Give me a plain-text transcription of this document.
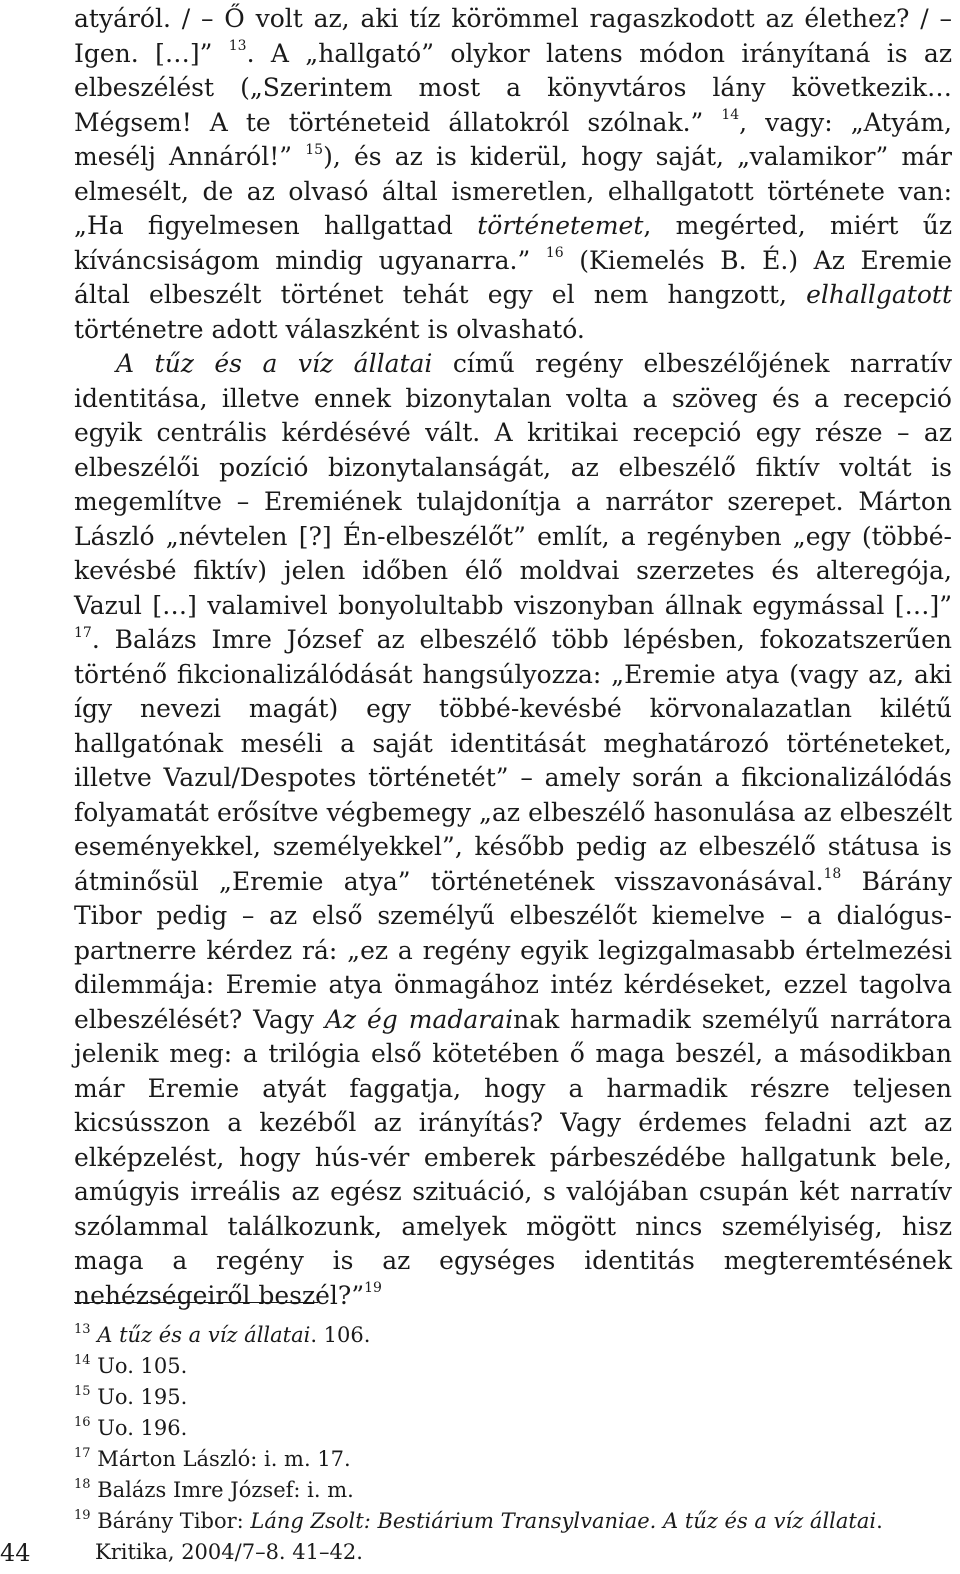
atyáról. / – Ő volt az, aki tíz körömmel ragaszkodott az élethez? / – Igen. […]” $^{13}$. A „hallgató” olykor latens módon irányítaná is az elbeszélést („Szerintem most a könyvtáros lány következik… Mégsem! A te történeteid állatokról szólnak.” $^{14}$, vagy: „Atyám, mesélj Annáról!” $^{15}$), és az is kiderül, hogy saját, „valamikor” már elmesélt, de az olvasó által ismeretlen, elhallgatott története van: „Ha figyelmesen hallgattad történetemet, megérted, miért űz kíváncsiságom mindig ugyanarra.” $^{16}$ (Kiemelés B. É.) Az Eremie által elbeszélt történet tehát egy el nem hangzott, elhallgatott történetre adott válaszként is olvasható.

A tűz és a víz állatai című regény elbeszélőjének narratív identitása, illetve ennek bizonytalan volta a szöveg és a recepció egyik centrális kérdésévé vált. A kritikai recepció egy része – az elbeszélői pozíció bizonytalanságát, az elbeszélő fiktív voltát is megemlítve – Eremiének tulajdonítja a narrátor szerepet. Márton László „névtelen [?] Én-elbeszélőt” említ, a regényben „egy (többé-kevésbé fiktív) jelen időben élő moldvai szerzetes és alteregója, Vazul […] valamivel bonyolultabb viszonyban állnak egymással […]” $^{17}$. Balázs Imre József az elbeszélő több lépésben, fokozatszerűen történő fikcionalizálódását hangsúlyozza: „Eremie atya (vagy az, aki így nevezi magát) egy többé-kevésbé körvonalazatlan kilétű hallgatónak meséli a saját identitását meghatározó történeteket, illetve Vazul/Despotes történetét” – amely során a fikcionalizálódás folyamatát erősítve végbemegy „az elbeszélő hasonulása az elbeszélt eseményekkel, személyekkel”, később pedig az elbeszélő státusa is átminősül „Eremie atya” történetének visszavonásával.$^{18}$ Bárány Tibor pedig – az első személyű elbeszélőt kiemelve – a dialógus-partnerre kérdez rá: „ez a regény egyik legizgalmasabb értelmezési dilemmája: Eremie atya önmagához intéz kérdéseket, ezzel tagolva elbeszélését? Vagy Az ég madarainak harmadik személyű narrátora jelenik meg: a trilógia első kötetében ő maga beszél, a másodikban már Eremie atyát faggatja, hogy a harmadik részre teljesen kicsússzon a kezéből az irányítás? Vagy érdemes feladni azt az elképzelést, hogy hús-vér emberek párbeszédébe hallgatunk bele, amúgyis irreális az egész szituáció, s valójában csupán két narratív szólammal találkozunk, amelyek mögött nincs személyiség, hisz maga a regény is az egységes identitás megteremtésének nehézségeiről beszél?”$^{19}$

$^{13}$ A tűz és a víz állatai. 106.
$^{14}$ Uo. 105.
$^{15}$ Uo. 195.
$^{16}$ Uo. 196.
$^{17}$ Márton László: i. m. 17.
$^{18}$ Balázs Imre József: i. m.
$^{19}$ Bárány Tibor: Láng Zsolt: Bestiárium Transylvaniae. A tűz és a víz állatai. Kritika, 2004/7–8. 41–42.
44
